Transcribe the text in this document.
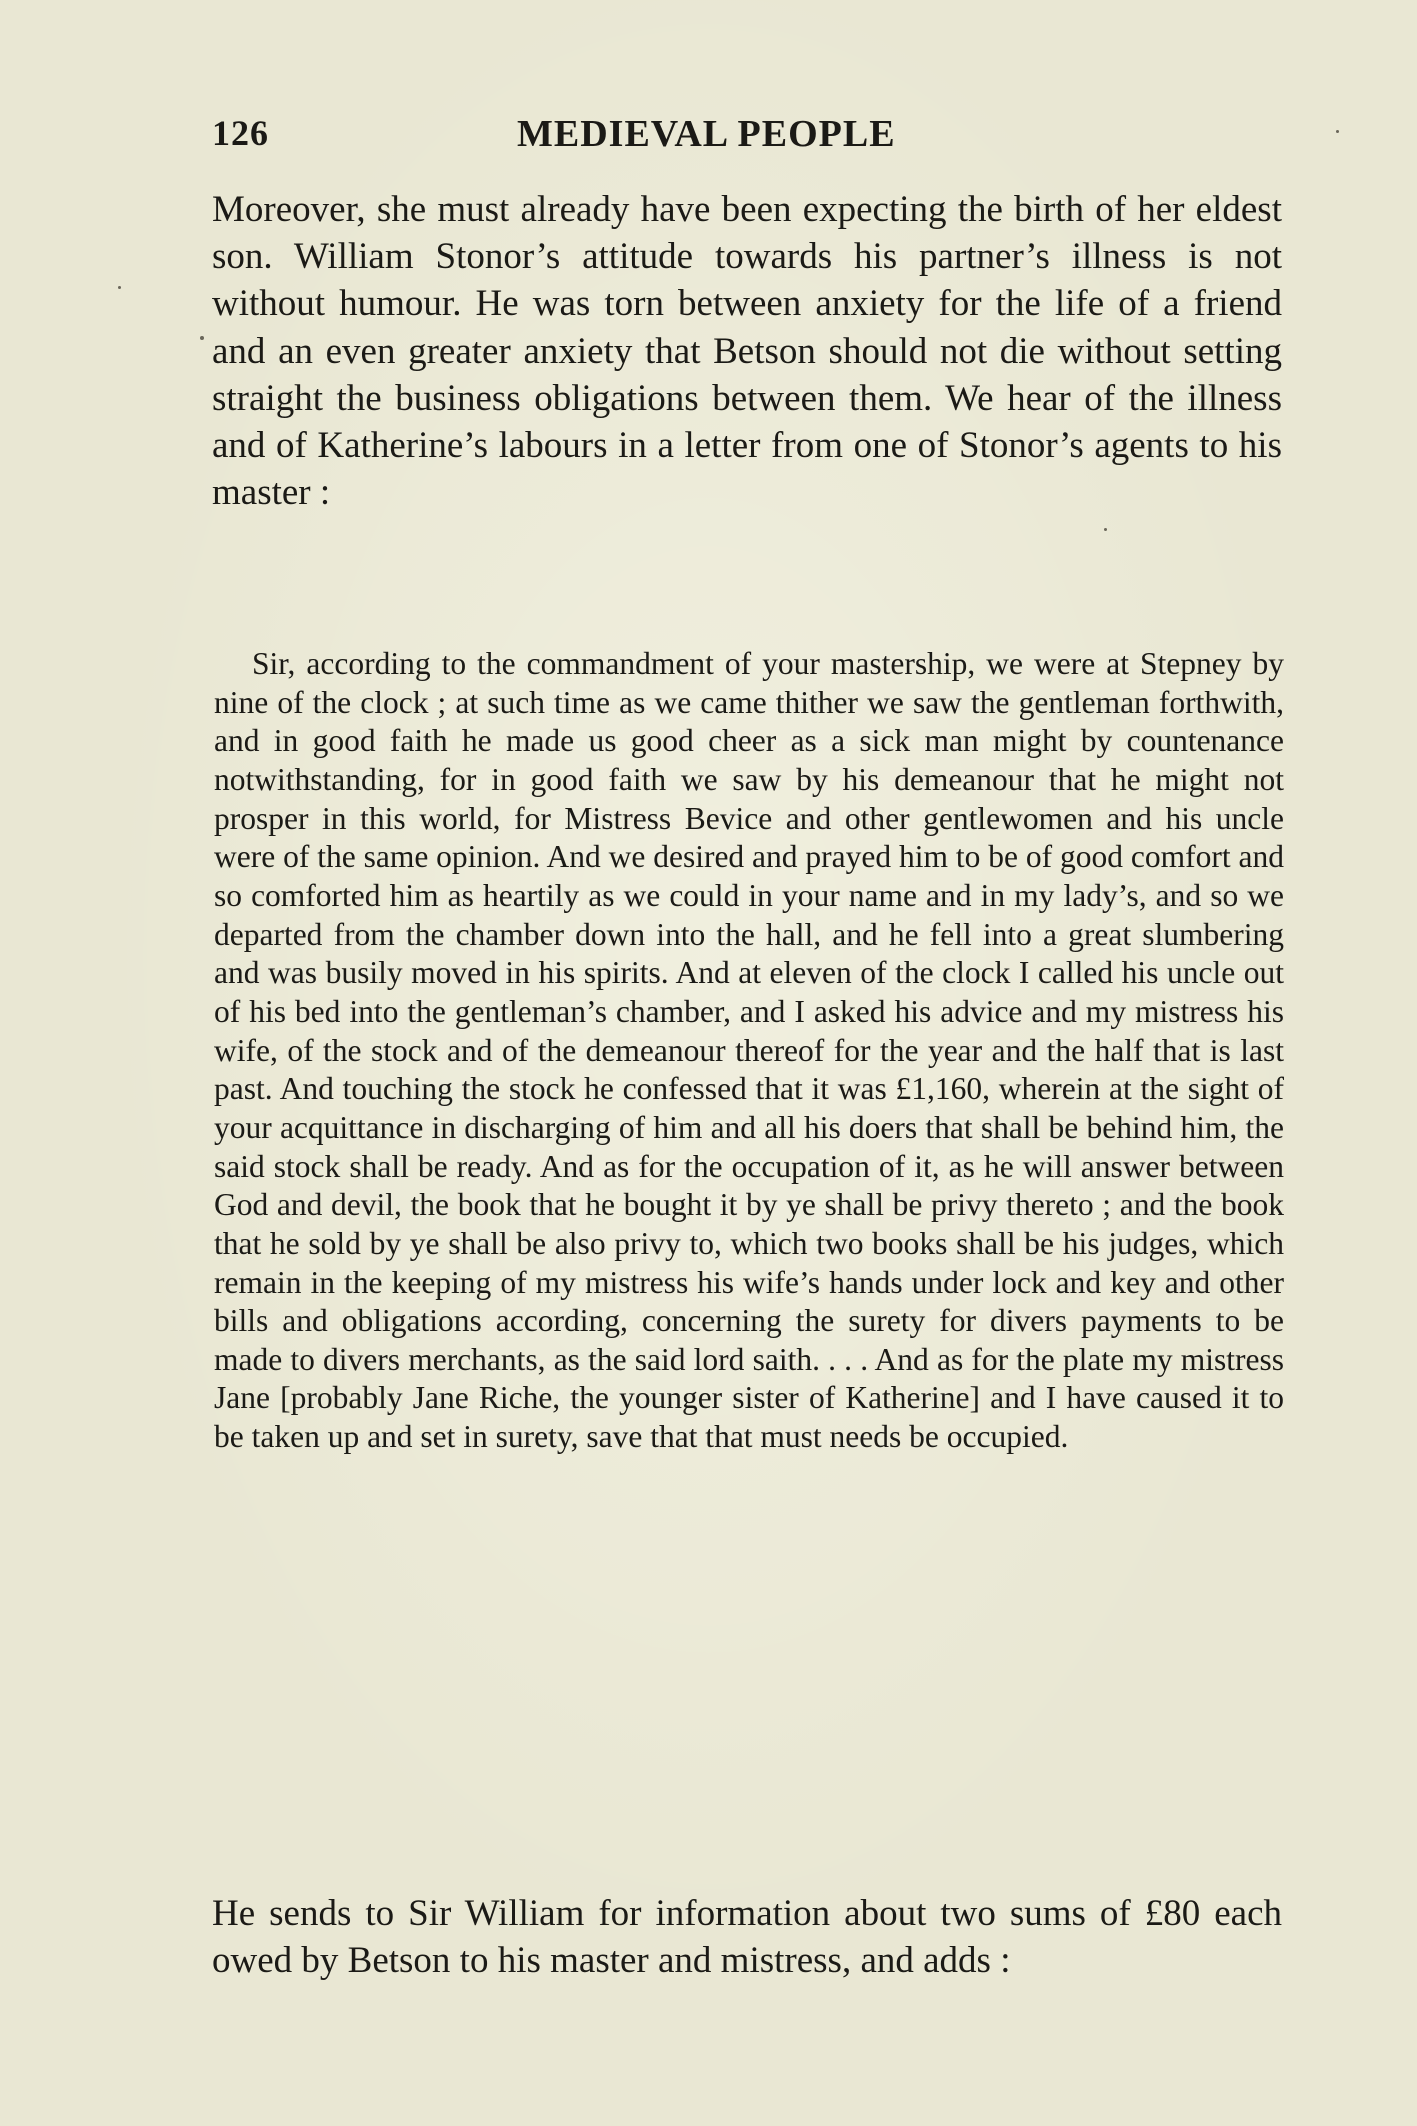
126	MEDIEVAL PEOPLE

Moreover, she must already have been expecting the birth of her eldest son. William Stonor’s attitude towards his partner’s illness is not without humour. He was torn between anxiety for the life of a friend and an even greater anxiety that Betson should not die without setting straight the business obligations between them. We hear of the illness and of Katherine’s labours in a letter from one of Stonor’s agents to his master :

Sir, according to the commandment of your mastership, we were at Stepney by nine of the clock ; at such time as we came thither we saw the gentleman forthwith, and in good faith he made us good cheer as a sick man might by countenance notwithstanding, for in good faith we saw by his demeanour that he might not prosper in this world, for Mistress Bevice and other gentlewomen and his uncle were of the same opinion. And we desired and prayed him to be of good comfort and so comforted him as heartily as we could in your name and in my lady’s, and so we departed from the chamber down into the hall, and he fell into a great slumbering and was busily moved in his spirits. And at eleven of the clock I called his uncle out of his bed into the gentleman’s chamber, and I asked his advice and my mistress his wife, of the stock and of the demeanour thereof for the year and the half that is last past. And touching the stock he confessed that it was £1,160, wherein at the sight of your acquittance in discharging of him and all his doers that shall be behind him, the said stock shall be ready. And as for the occupation of it, as he will answer between God and devil, the book that he bought it by ye shall be privy thereto ; and the book that he sold by ye shall be also privy to, which two books shall be his judges, which remain in the keeping of my mistress his wife’s hands under lock and key and other bills and obligations according, concerning the surety for divers payments to be made to divers merchants, as the said lord saith. . . . And as for the plate my mistress Jane [probably Jane Riche, the younger sister of Katherine] and I have caused it to be taken up and set in surety, save that that must needs be occupied.

He sends to Sir William for information about two sums of £80 each owed by Betson to his master and mistress, and adds :
